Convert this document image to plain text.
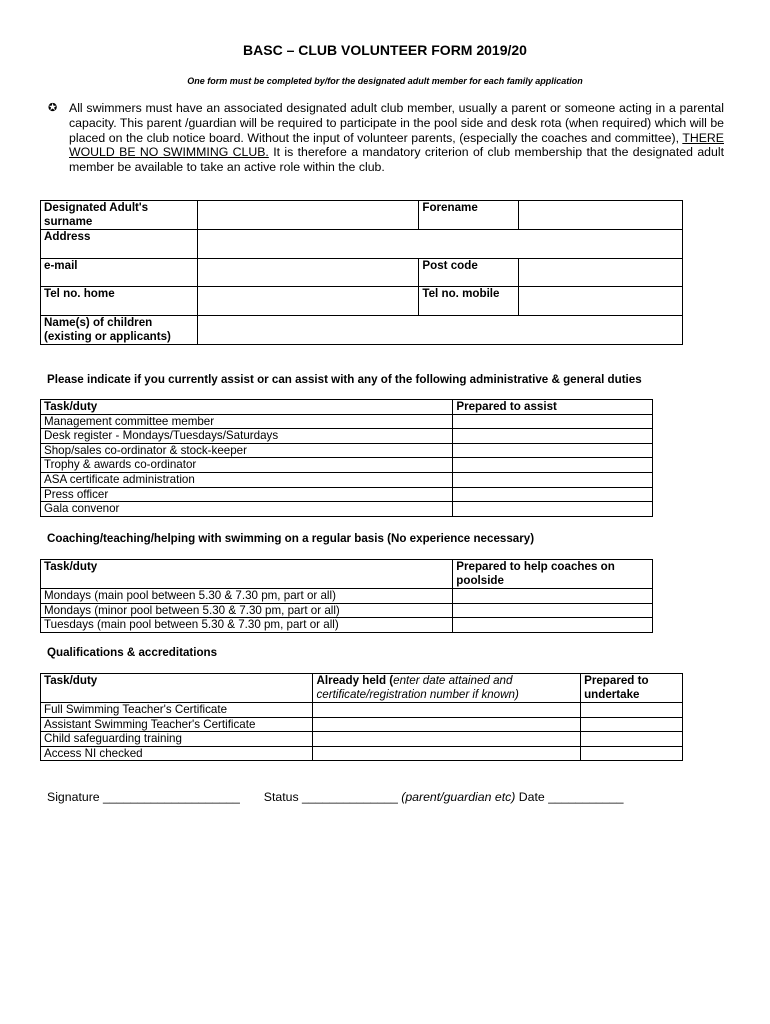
BASC – CLUB VOLUNTEER FORM 2019/20
One form must be completed by/for the designated adult member for each family application
✪ All swimmers must have an associated designated adult club member, usually a parent or someone acting in a parental capacity. This parent /guardian will be required to participate in the pool side and desk rota (when required) which will be placed on the club notice board. Without the input of volunteer parents, (especially the coaches and committee), THERE WOULD BE NO SWIMMING CLUB. It is therefore a mandatory criterion of club membership that the designated adult member be available to take an active role within the club.
Designated Adult's surname		Forename	
Address			
e-mail		Post code	
Tel no. home		Tel no. mobile	
Name(s) of children (existing or applicants)			
Please indicate if you currently assist or can assist with any of the following administrative & general duties
Task/duty	Prepared to assist
Management committee member	
Desk register - Mondays/Tuesdays/Saturdays	
Shop/sales co-ordinator & stock-keeper	
Trophy & awards co-ordinator	
ASA certificate administration	
Press officer	
Gala convenor	
Coaching/teaching/helping with swimming on a regular basis (No experience necessary)
Task/duty	Prepared to help coaches on poolside
Mondays (main pool between 5.30 & 7.30 pm, part or all)	
Mondays (minor pool between 5.30 & 7.30 pm, part or all)	
Tuesdays (main pool between 5.30 & 7.30 pm, part or all)	
Qualifications & accreditations
Task/duty	Already held (enter date attained and certificate/registration number if known)	Prepared to undertake
Full Swimming Teacher's Certificate		
Assistant Swimming Teacher's Certificate		
Child safeguarding training		
Access NI checked		
Signature ____________________ Status ______________ (parent/guardian etc) Date ___________
